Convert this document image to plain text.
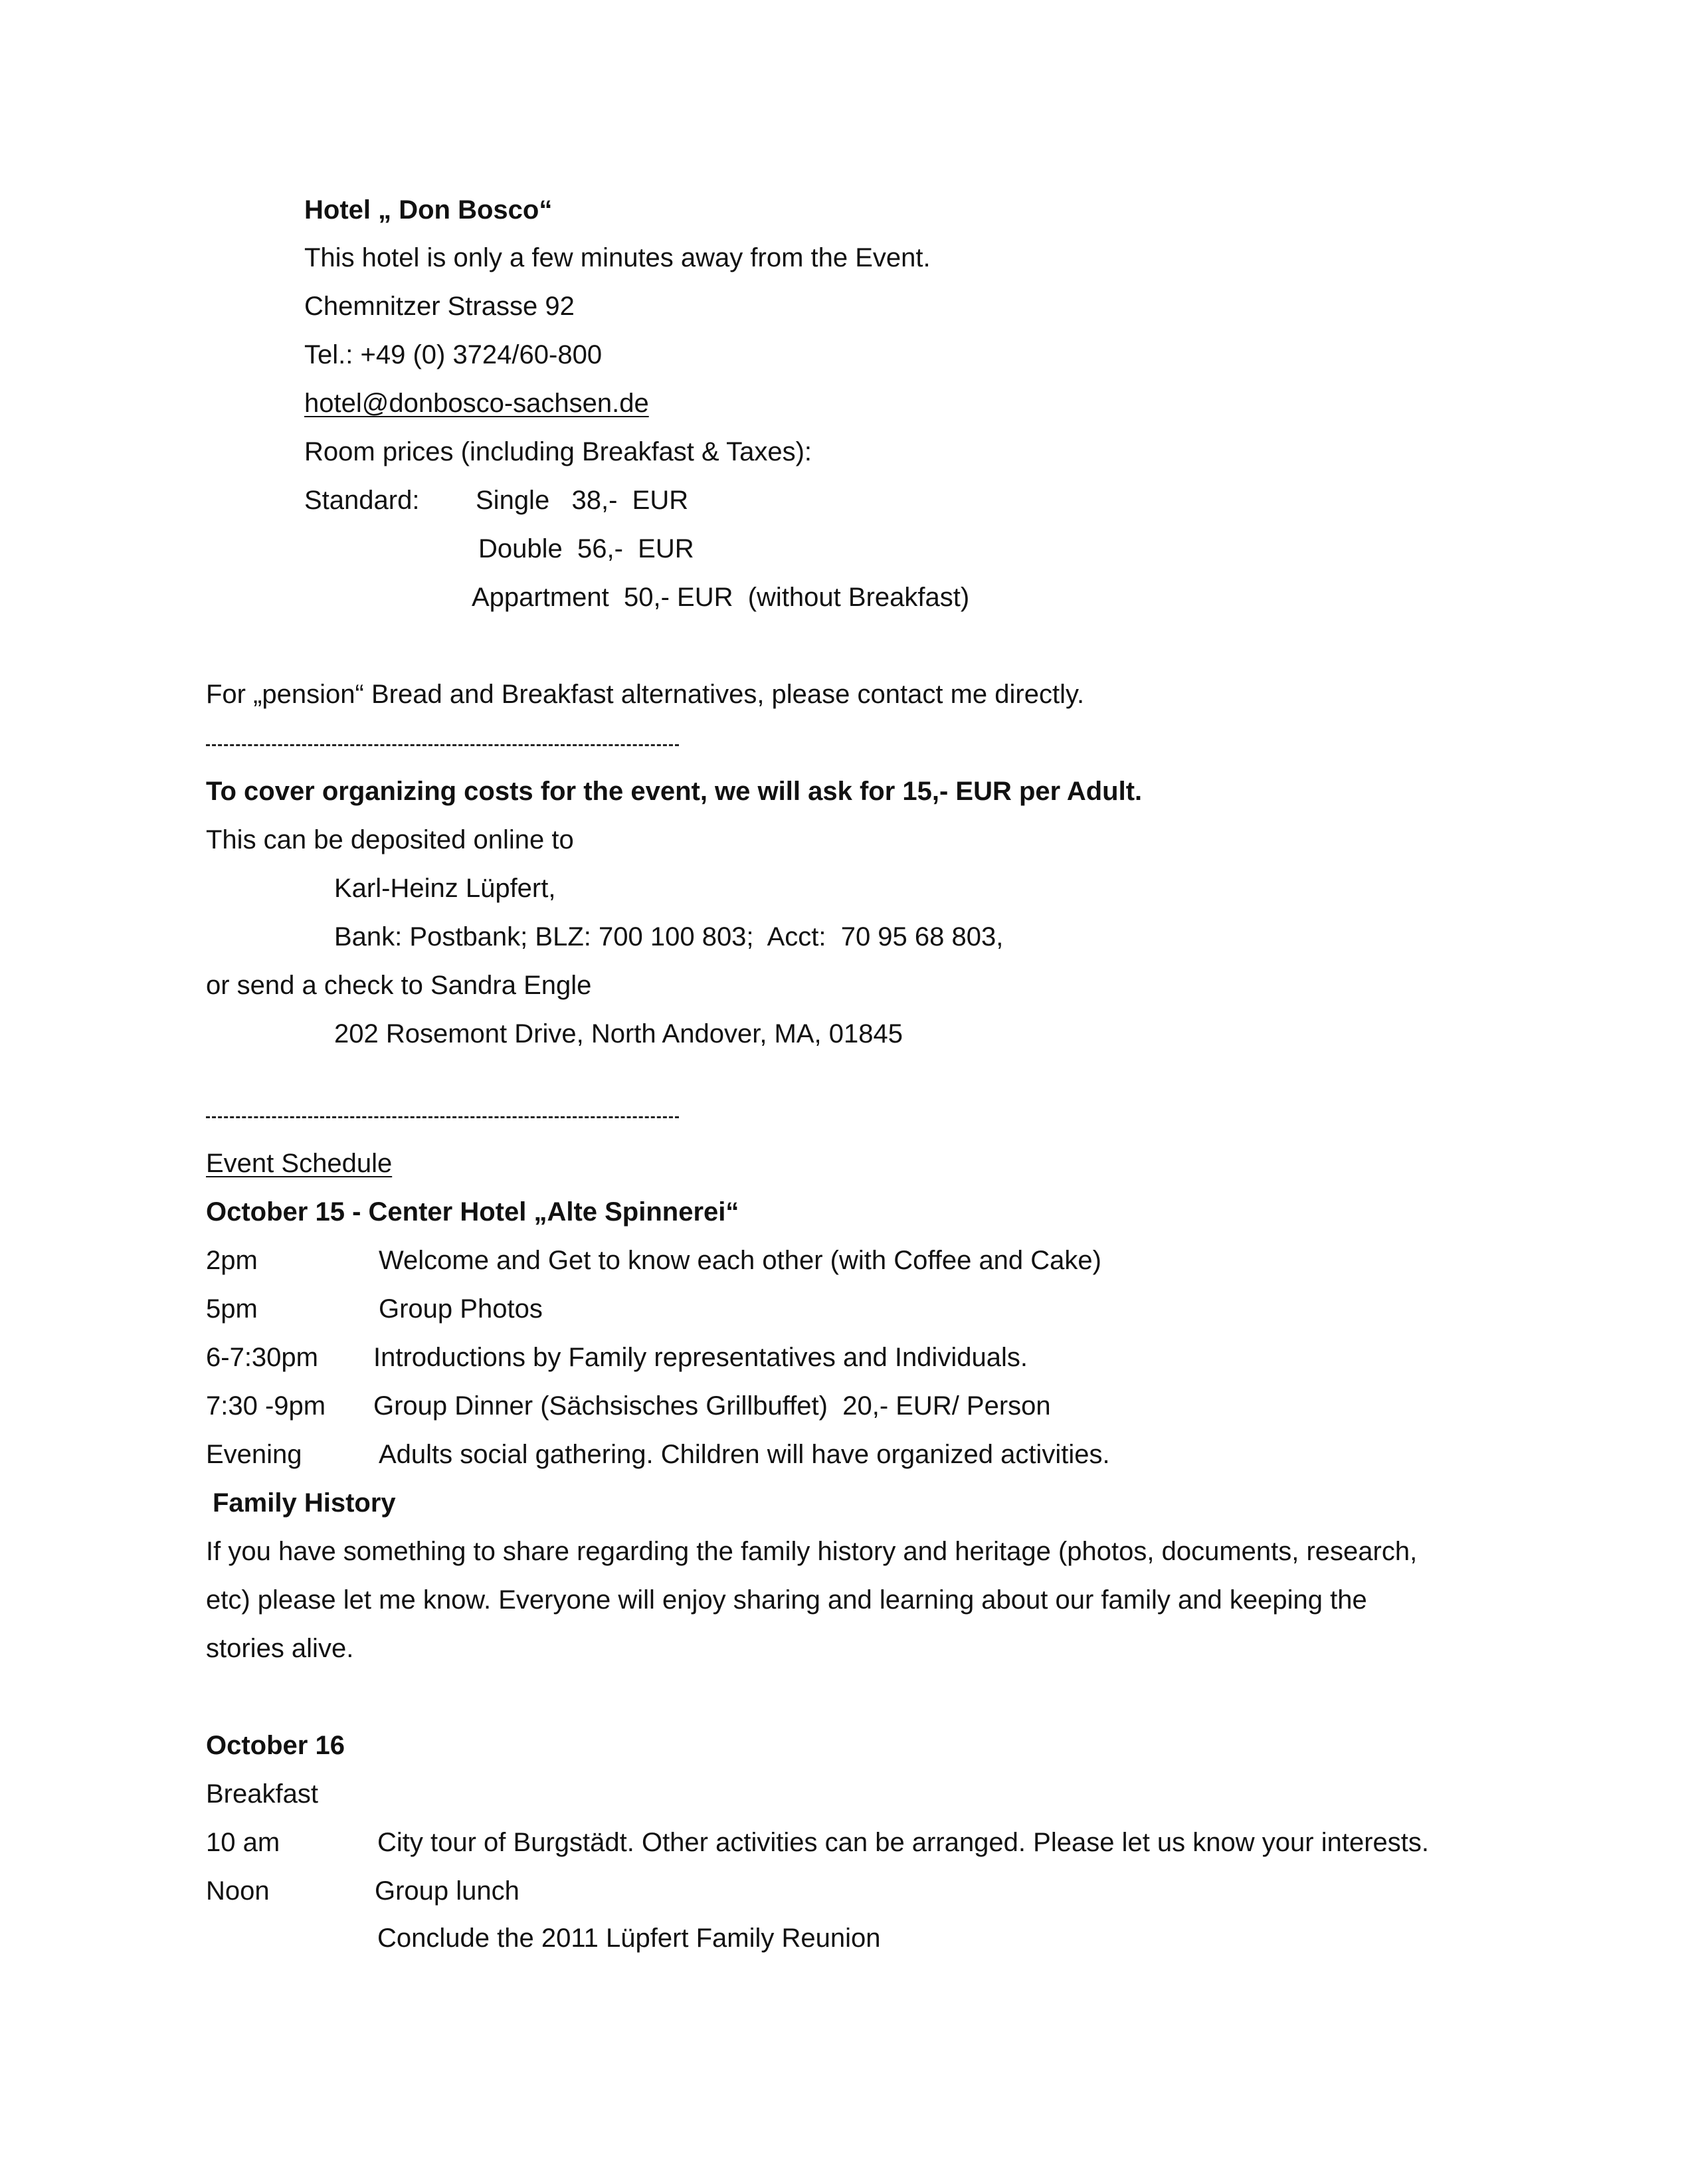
Hotel „ Don Bosco“
This hotel is only a few minutes away from the Event.
Chemnitzer Strasse 92
Tel.: +49 (0) 3724/60-800
hotel@donbosco-sachsen.de
Room prices (including Breakfast & Taxes):
Standard: Single   38,-  EUR
Double  56,-  EUR
Appartment  50,- EUR  (without Breakfast)
For „pension“ Bread and Breakfast alternatives, please contact me directly.
To cover organizing costs for the event, we will ask for 15,- EUR per Adult.
This can be deposited online to
Karl-Heinz Lüpfert,
Bank: Postbank; BLZ: 700 100 803;  Acct:  70 95 68 803,
or send a check to Sandra Engle
202 Rosemont Drive, North Andover, MA, 01845
Event Schedule
October 15 - Center Hotel „Alte Spinnerei“
2pm	Welcome and Get to know each other (with Coffee and Cake)
5pm	Group Photos
6-7:30pm Introductions by Family representatives and Individuals.
7:30 -9pm Group Dinner (Sächsisches Grillbuffet)  20,- EUR/ Person
Evening	Adults social gathering. Children will have organized activities.
Family History
If you have something to share regarding the family history and heritage (photos, documents, research,
etc) please let me know. Everyone will enjoy sharing and learning about our family and keeping the
stories alive.
October 16
Breakfast
10 am	City tour of Burgstädt. Other activities can be arranged. Please let us know your interests.
Noon	Group lunch
Conclude the 2011 Lüpfert Family Reunion
